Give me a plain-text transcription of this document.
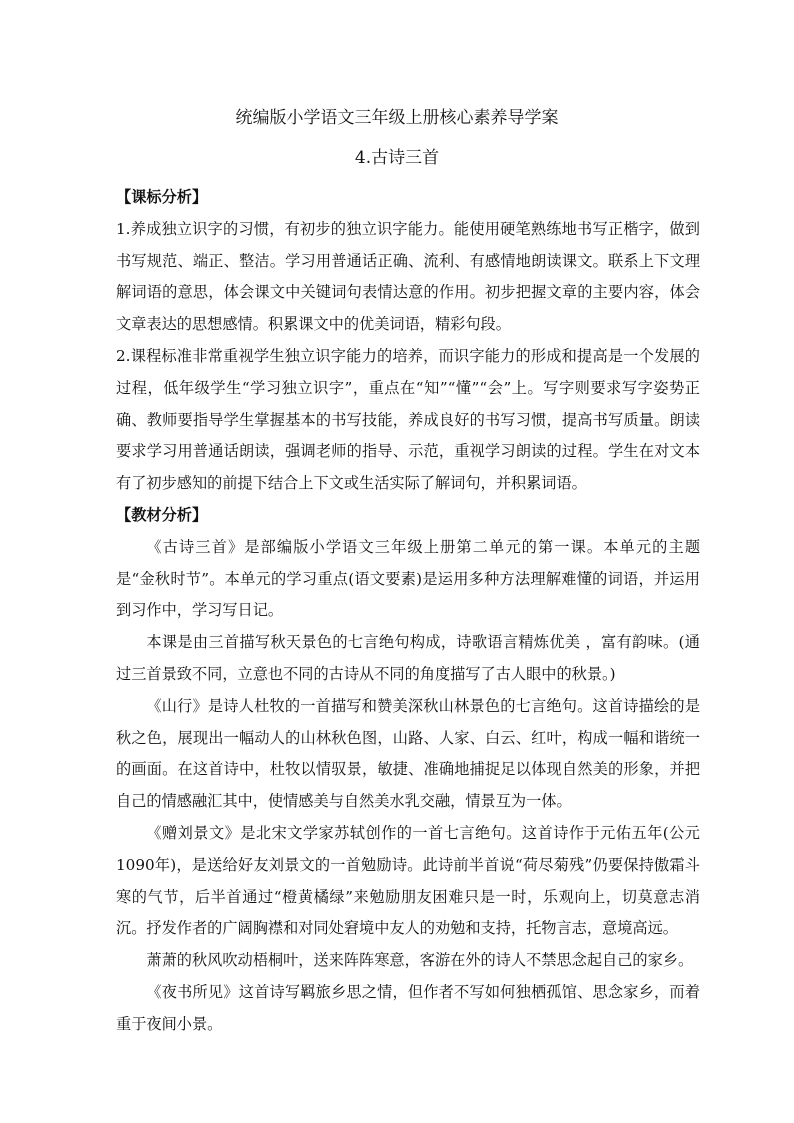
统编版小学语文三年级上册核心素养导学案
4.古诗三首
【课标分析】

1.养成独立识字的习惯，有初步的独立识字能力。能使用硬笔熟练地书写正楷字，做到书写规范、端正、整洁。学习用普通话正确、流利、有感情地朗读课文。联系上下文理解词语的意思，体会课文中关键词句表情达意的作用。初步把握文章的主要内容，体会文章表达的思想感情。积累课文中的优美词语，精彩句段。

2.课程标准非常重视学生独立识字能力的培养，而识字能力的形成和提高是一个发展的过程，低年级学生“学习独立识字”，重点在“知”“懂”“会”上。写字则要求写字姿势正确、教师要指导学生掌握基本的书写技能，养成良好的书写习惯，提高书写质量。朗读要求学习用普通话朗读，强调老师的指导、示范，重视学习朗读的过程。学生在对文本有了初步感知的前提下结合上下文或生活实际了解词句，并积累词语。

【教材分析】

《古诗三首》是部编版小学语文三年级上册第二单元的第一课。本单元的主题是“金秋时节”。本单元的学习重点(语文要素)是运用多种方法理解难懂的词语，并运用到习作中，学习写日记。

本课是由三首描写秋天景色的七言绝句构成，诗歌语言精炼优美 ，富有韵味。(通过三首景致不同，立意也不同的古诗从不同的角度描写了古人眼中的秋景。)

《山行》是诗人杜牧的一首描写和赞美深秋山林景色的七言绝句。这首诗描绘的是秋之色，展现出一幅动人的山林秋色图，山路、人家、白云、红叶，构成一幅和谐统一的画面。在这首诗中，杜牧以情驭景，敏捷、准确地捕捉足以体现自然美的形象，并把自己的情感融汇其中，使情感美与自然美水乳交融，情景互为一体。

《赠刘景文》是北宋文学家苏轼创作的一首七言绝句。这首诗作于元佑五年(公元1090年)，是送给好友刘景文的一首勉励诗。此诗前半首说“荷尽菊残”仍要保持傲霜斗寒的气节，后半首通过“橙黄橘绿”来勉励朋友困难只是一时，乐观向上，切莫意志消沉。抒发作者的广阔胸襟和对同处窘境中友人的劝勉和支持，托物言志，意境高远。

萧萧的秋风吹动梧桐叶，送来阵阵寒意，客游在外的诗人不禁思念起自己的家乡。

《夜书所见》这首诗写羁旅乡思之情，但作者不写如何独栖孤馆、思念家乡，而着重于夜间小景。
